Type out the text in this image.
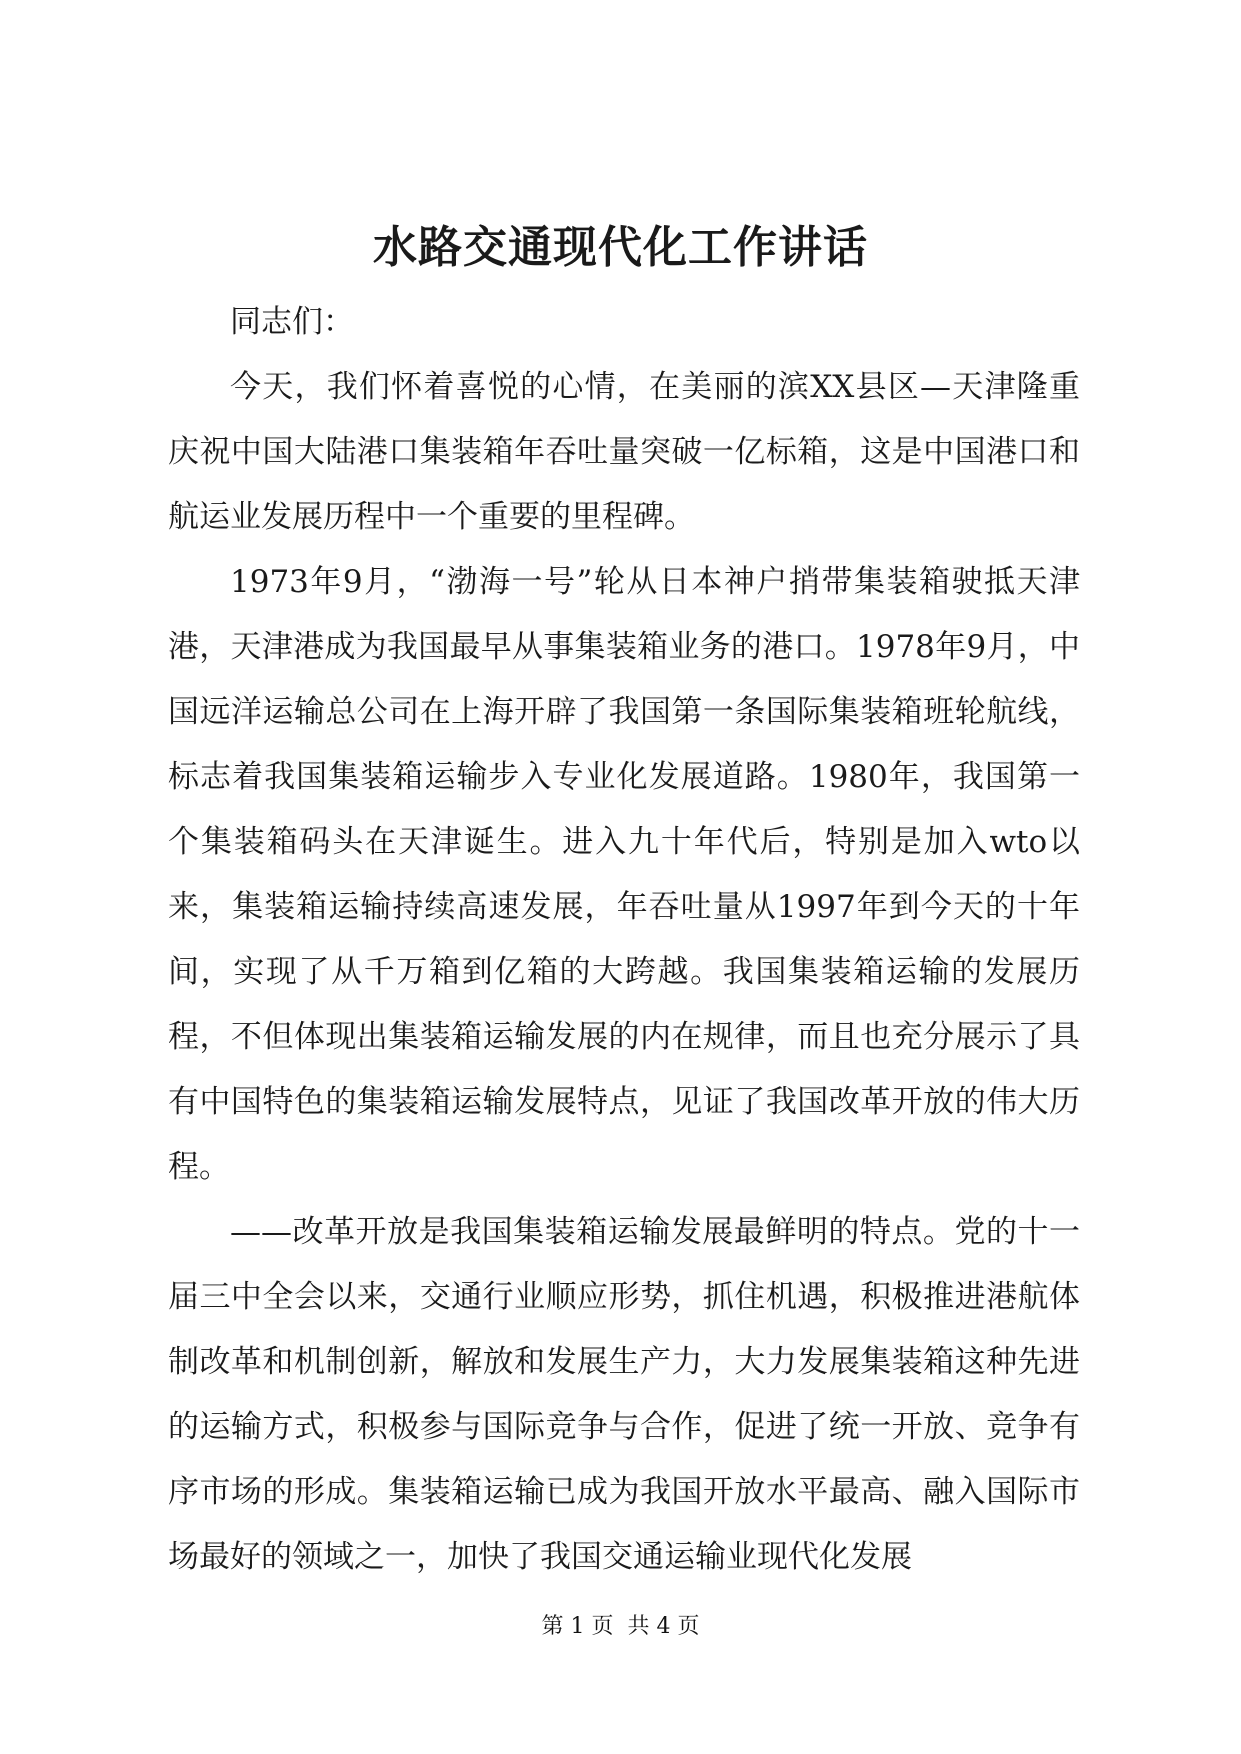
水路交通现代化工作讲话

同志们：

今天，我们怀着喜悦的心情，在美丽的滨XX县区—天津隆重庆祝中国大陆港口集装箱年吞吐量突破一亿标箱，这是中国港口和航运业发展历程中一个重要的里程碑。

1973年9月，“渤海一号”轮从日本神户捎带集装箱驶抵天津港，天津港成为我国最早从事集装箱业务的港口。1978年9月，中国远洋运输总公司在上海开辟了我国第一条国际集装箱班轮航线，标志着我国集装箱运输步入专业化发展道路。1980年，我国第一个集装箱码头在天津诞生。进入九十年代后，特别是加入wto以来，集装箱运输持续高速发展，年吞吐量从1997年到今天的十年间，实现了从千万箱到亿箱的大跨越。我国集装箱运输的发展历程，不但体现出集装箱运输发展的内在规律，而且也充分展示了具有中国特色的集装箱运输发展特点，见证了我国改革开放的伟大历程。

——改革开放是我国集装箱运输发展最鲜明的特点。党的十一届三中全会以来，交通行业顺应形势，抓住机遇，积极推进港航体制改革和机制创新，解放和发展生产力，大力发展集装箱这种先进的运输方式，积极参与国际竞争与合作，促进了统一开放、竞争有序市场的形成。集装箱运输已成为我国开放水平最高、融入国际市场最好的领域之一，加快了我国交通运输业现代化发展

第 1 页  共 4 页
